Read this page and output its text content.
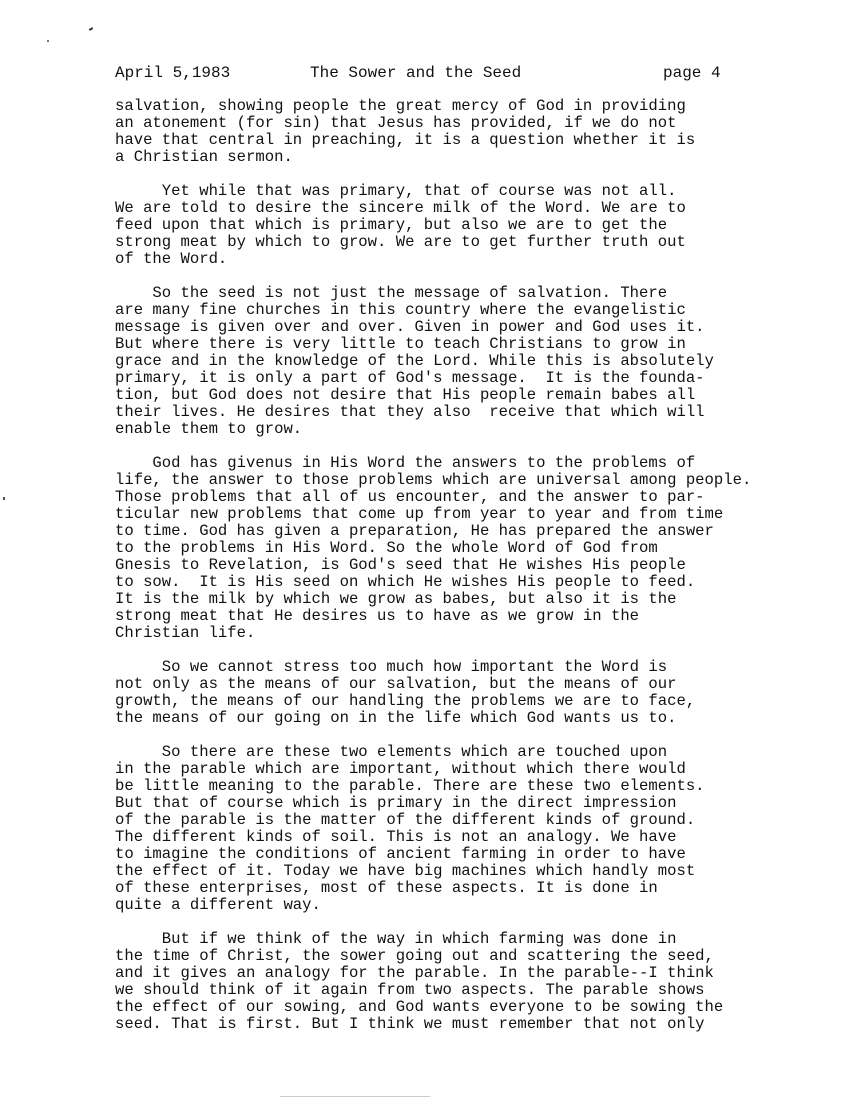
April 5,1983

	The Sower and the Seed

	page 4

salvation, showing people the great mercy of God in providing
an atonement (for sin) that Jesus has provided, if we do not
have that central in preaching, it is a question whether it is
a Christian sermon.
Yet while that was primary, that of course was not all.
We are told to desire the sincere milk of the Word. We are to
feed upon that which is primary, but also we are to get the
strong meat by which to grow. We are to get further truth out
of the Word.
So the seed is not just the message of salvation. There
are many fine churches in this country where the evangelistic
message is given over and over. Given in power and God uses it.
But where there is very little to teach Christians to grow in
grace and in the knowledge of the Lord. While this is absolutely
primary, it is only a part of God's message.  It is the founda-
tion, but God does not desire that His people remain babes all
their lives. He desires that they also  receive that which will
enable them to grow.
God has givenus in His Word the answers to the problems of
life, the answer to those problems which are universal among people.
Those problems that all of us encounter, and the answer to par-
ticular new problems that come up from year to year and from time
to time. God has given a preparation, He has prepared the answer
to the problems in His Word. So the whole Word of God from
Gnesis to Revelation, is God's seed that He wishes His people
to sow.  It is His seed on which He wishes His people to feed.
It is the milk by which we grow as babes, but also it is the
strong meat that He desires us to have as we grow in the
Christian life.
So we cannot stress too much how important the Word is
not only as the means of our salvation, but the means of our
growth, the means of our handling the problems we are to face,
the means of our going on in the life which God wants us to.
So there are these two elements which are touched upon
in the parable which are important, without which there would
be little meaning to the parable. There are these two elements.
But that of course which is primary in the direct impression
of the parable is the matter of the different kinds of ground.
The different kinds of soil. This is not an analogy. We have
to imagine the conditions of ancient farming in order to have
the effect of it. Today we have big machines which handly most
of these enterprises, most of these aspects. It is done in
quite a different way.
But if we think of the way in which farming was done in
the time of Christ, the sower going out and scattering the seed,
and it gives an analogy for the parable. In the parable--I think
we should think of it again from two aspects. The parable shows
the effect of our sowing, and God wants everyone to be sowing the
seed. That is first. But I think we must remember that not only
